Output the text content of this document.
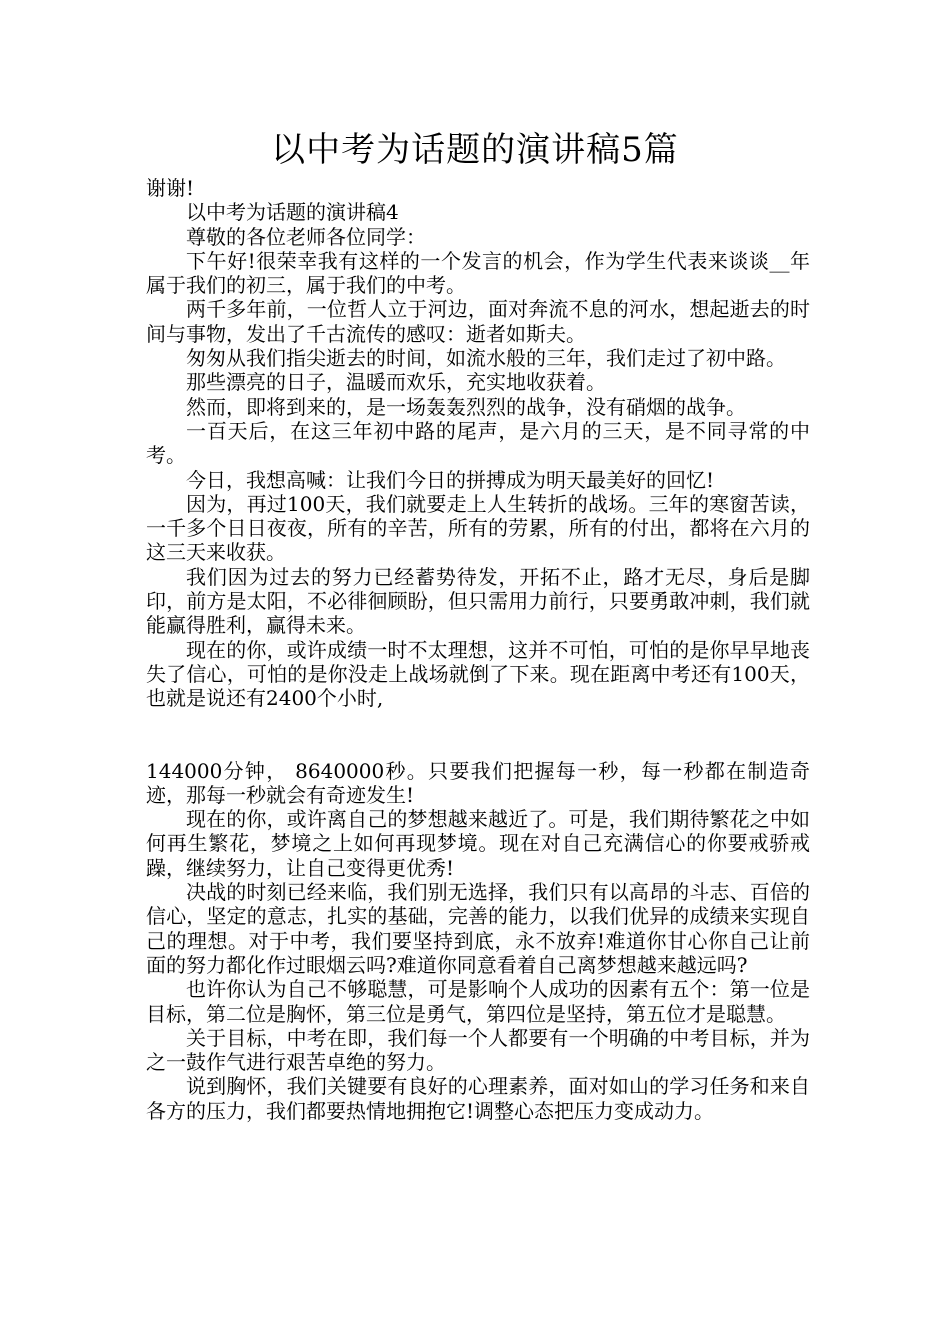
以中考为话题的演讲稿5篇

谢谢!

以中考为话题的演讲稿4

尊敬的各位老师各位同学：

下午好!很荣幸我有这样的一个发言的机会，作为学生代表来谈谈__年属于我们的初三，属于我们的中考。

两千多年前，一位哲人立于河边，面对奔流不息的河水，想起逝去的时间与事物，发出了千古流传的感叹：逝者如斯夫。

匆匆从我们指尖逝去的时间，如流水般的三年，我们走过了初中路。

那些漂亮的日子，温暖而欢乐，充实地收获着。

然而，即将到来的，是一场轰轰烈烈的战争，没有硝烟的战争。

一百天后，在这三年初中路的尾声，是六月的三天，是不同寻常的中考。

今日，我想高喊：让我们今日的拼搏成为明天最美好的回忆!

因为，再过100天，我们就要走上人生转折的战场。三年的寒窗苦读，一千多个日日夜夜，所有的辛苦，所有的劳累，所有的付出，都将在六月的这三天来收获。

我们因为过去的努力已经蓄势待发，开拓不止，路才无尽，身后是脚印，前方是太阳，不必徘徊顾盼，但只需用力前行，只要勇敢冲刺，我们就能赢得胜利，赢得未来。

现在的你，或许成绩一时不太理想，这并不可怕，可怕的是你早早地丧失了信心，可怕的是你没走上战场就倒了下来。现在距离中考还有100天，也就是说还有2400个小时,

144000分钟， 8640000秒。只要我们把握每一秒，每一秒都在制造奇迹，那每一秒就会有奇迹发生!

现在的你，或许离自己的梦想越来越近了。可是，我们期待繁花之中如何再生繁花，梦境之上如何再现梦境。现在对自己充满信心的你要戒骄戒躁，继续努力，让自己变得更优秀!

决战的时刻已经来临，我们别无选择，我们只有以高昂的斗志、百倍的信心，坚定的意志，扎实的基础，完善的能力，以我们优异的成绩来实现自己的理想。对于中考，我们要坚持到底，永不放弃!难道你甘心你自己让前面的努力都化作过眼烟云吗?难道你同意看着自己离梦想越来越远吗?

也许你认为自己不够聪慧，可是影响个人成功的因素有五个：第一位是目标，第二位是胸怀，第三位是勇气，第四位是坚持，第五位才是聪慧。

关于目标，中考在即，我们每一个人都要有一个明确的中考目标，并为之一鼓作气进行艰苦卓绝的努力。

说到胸怀，我们关键要有良好的心理素养，面对如山的学习任务和来自各方的压力，我们都要热情地拥抱它!调整心态把压力变成动力。
